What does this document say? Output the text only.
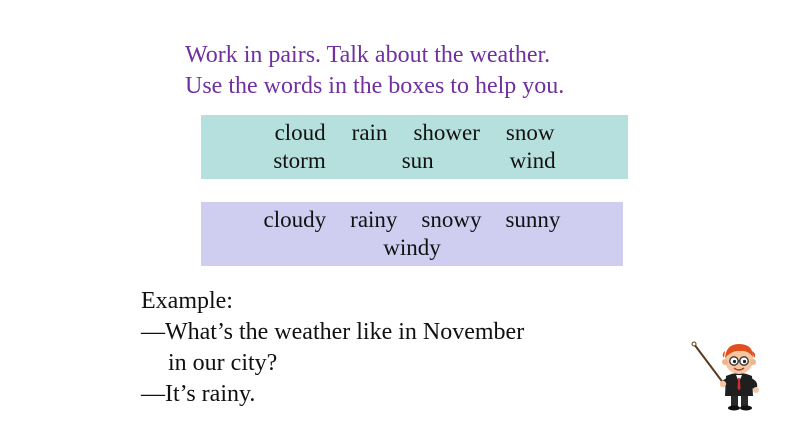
Work in pairs. Talk about the weather.
Use the words in the boxes to help you.
cloud rain shower snow
storm	sun	wind
cloudy rainy snowy sunny
windy
Example:
—What’s the weather like in November
in our city?
—It’s rainy.
